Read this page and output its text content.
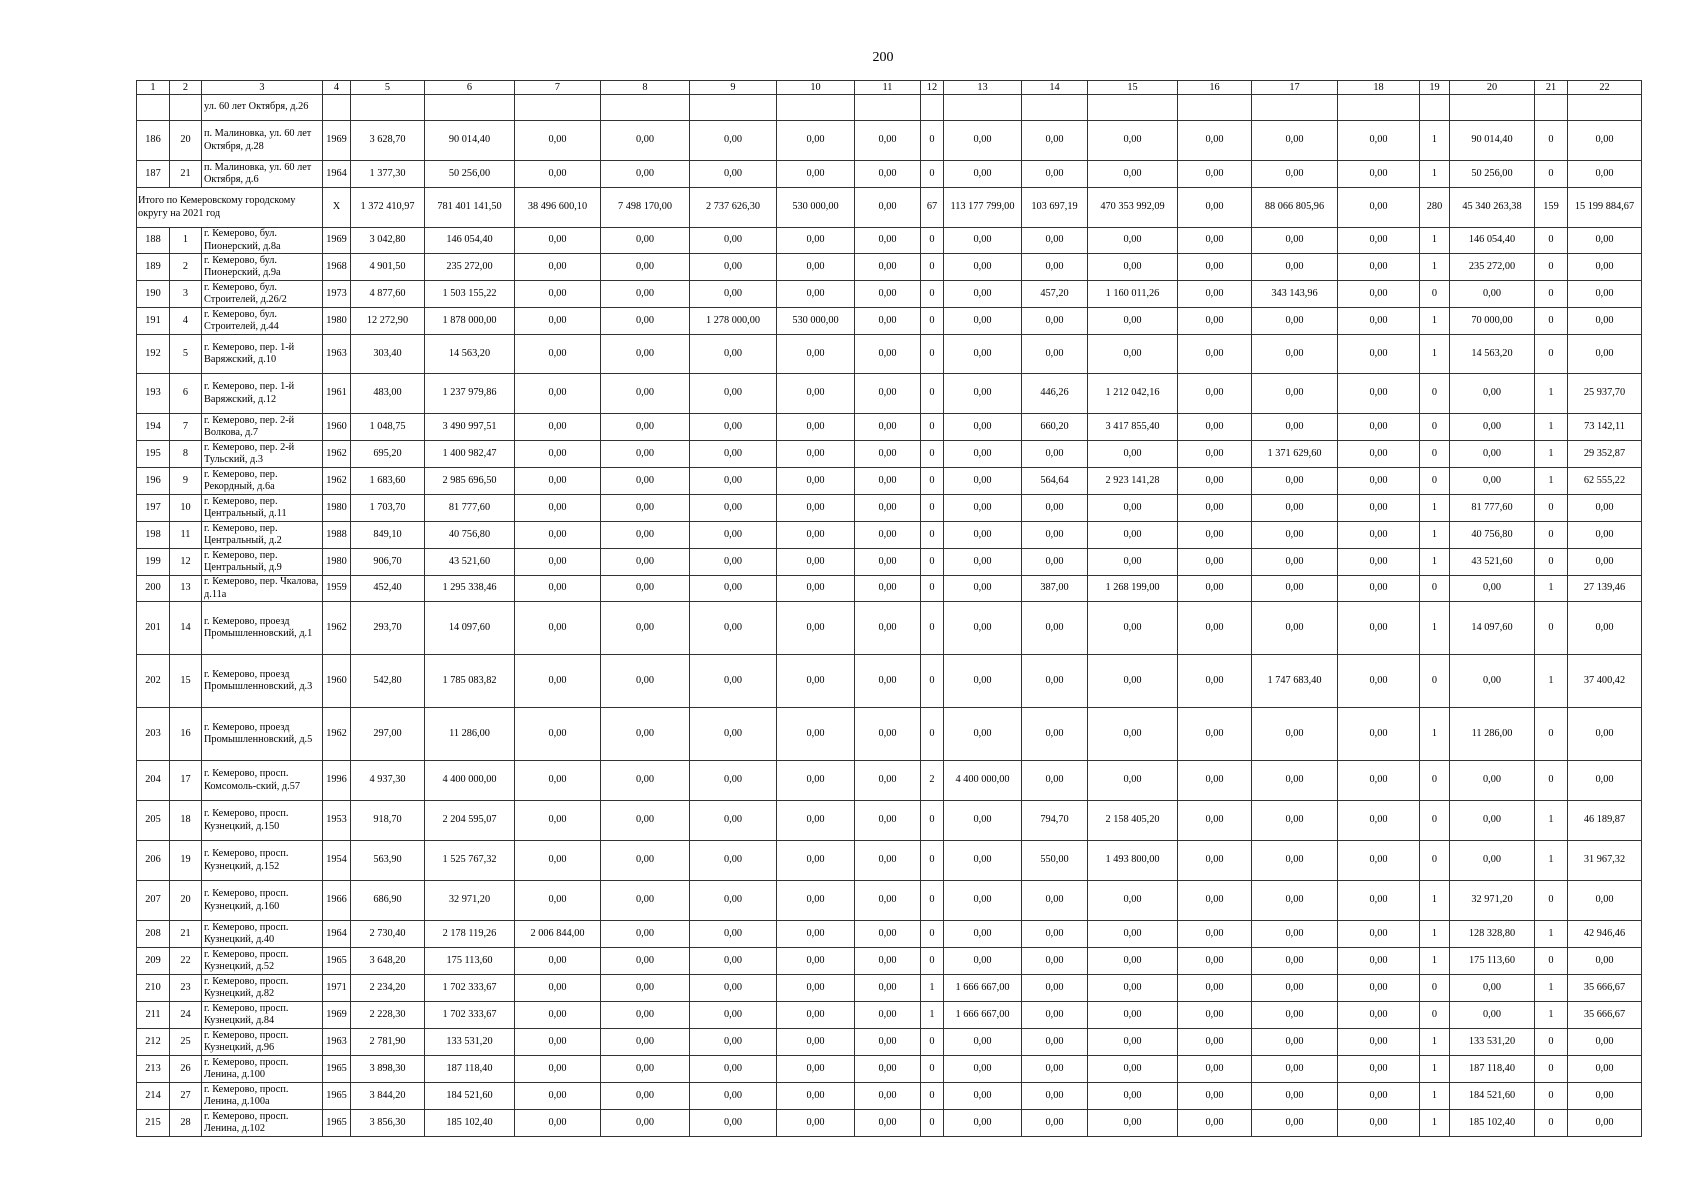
200
1	2	3	4	5	6	7	8	9	10	11	12	13	14	15	16	17	18	19	20	21	22
		ул. 60 лет Октября, д.26																			
186	20	п. Малиновка, ул. 60 лет Октября, д.28	1969	3 628,70	90 014,40	0,00	0,00	0,00	0,00	0,00	0	0,00	0,00	0,00	0,00	0,00	0,00	1	90 014,40	0	0,00
187	21	п. Малиновка, ул. 60 лет Октября, д.6	1964	1 377,30	50 256,00	0,00	0,00	0,00	0,00	0,00	0	0,00	0,00	0,00	0,00	0,00	0,00	1	50 256,00	0	0,00
Итого по Кемеровскому городскому округу на 2021 год			X	1 372 410,97	781 401 141,50	38 496 600,10	7 498 170,00	2 737 626,30	530 000,00	0,00	67	113 177 799,00	103 697,19	470 353 992,09	0,00	88 066 805,96	0,00	280	45 340 263,38	159	15 199 884,67
188	1	г. Кемерово, бул. Пионерский, д.8а	1969	3 042,80	146 054,40	0,00	0,00	0,00	0,00	0,00	0	0,00	0,00	0,00	0,00	0,00	0,00	1	146 054,40	0	0,00
189	2	г. Кемерово, бул. Пионерский, д.9а	1968	4 901,50	235 272,00	0,00	0,00	0,00	0,00	0,00	0	0,00	0,00	0,00	0,00	0,00	0,00	1	235 272,00	0	0,00
190	3	г. Кемерово, бул. Строителей, д.26/2	1973	4 877,60	1 503 155,22	0,00	0,00	0,00	0,00	0,00	0	0,00	457,20	1 160 011,26	0,00	343 143,96	0,00	0	0,00	0	0,00
191	4	г. Кемерово, бул. Строителей, д.44	1980	12 272,90	1 878 000,00	0,00	0,00	1 278 000,00	530 000,00	0,00	0	0,00	0,00	0,00	0,00	0,00	0,00	1	70 000,00	0	0,00
192	5	г. Кемерово, пер. 1-й Варяжский, д.10	1963	303,40	14 563,20	0,00	0,00	0,00	0,00	0,00	0	0,00	0,00	0,00	0,00	0,00	0,00	1	14 563,20	0	0,00
193	6	г. Кемерово, пер. 1-й Варяжский, д.12	1961	483,00	1 237 979,86	0,00	0,00	0,00	0,00	0,00	0	0,00	446,26	1 212 042,16	0,00	0,00	0,00	0	0,00	1	25 937,70
194	7	г. Кемерово, пер. 2-й Волкова, д.7	1960	1 048,75	3 490 997,51	0,00	0,00	0,00	0,00	0,00	0	0,00	660,20	3 417 855,40	0,00	0,00	0,00	0	0,00	1	73 142,11
195	8	г. Кемерово, пер. 2-й Тульский, д.3	1962	695,20	1 400 982,47	0,00	0,00	0,00	0,00	0,00	0	0,00	0,00	0,00	0,00	1 371 629,60	0,00	0	0,00	1	29 352,87
196	9	г. Кемерово, пер. Рекордный, д.6а	1962	1 683,60	2 985 696,50	0,00	0,00	0,00	0,00	0,00	0	0,00	564,64	2 923 141,28	0,00	0,00	0,00	0	0,00	1	62 555,22
197	10	г. Кемерово, пер. Центральный, д.11	1980	1 703,70	81 777,60	0,00	0,00	0,00	0,00	0,00	0	0,00	0,00	0,00	0,00	0,00	0,00	1	81 777,60	0	0,00
198	11	г. Кемерово, пер. Центральный, д.2	1988	849,10	40 756,80	0,00	0,00	0,00	0,00	0,00	0	0,00	0,00	0,00	0,00	0,00	0,00	1	40 756,80	0	0,00
199	12	г. Кемерово, пер. Центральный, д.9	1980	906,70	43 521,60	0,00	0,00	0,00	0,00	0,00	0	0,00	0,00	0,00	0,00	0,00	0,00	1	43 521,60	0	0,00
200	13	г. Кемерово, пер. Чкалова, д.11а	1959	452,40	1 295 338,46	0,00	0,00	0,00	0,00	0,00	0	0,00	387,00	1 268 199,00	0,00	0,00	0,00	0	0,00	1	27 139,46
201	14	г. Кемерово, проезд Промышленновский, д.1	1962	293,70	14 097,60	0,00	0,00	0,00	0,00	0,00	0	0,00	0,00	0,00	0,00	0,00	0,00	1	14 097,60	0	0,00
202	15	г. Кемерово, проезд Промышленновский, д.3	1960	542,80	1 785 083,82	0,00	0,00	0,00	0,00	0,00	0	0,00	0,00	0,00	0,00	1 747 683,40	0,00	0	0,00	1	37 400,42
203	16	г. Кемерово, проезд Промышленновский, д.5	1962	297,00	11 286,00	0,00	0,00	0,00	0,00	0,00	0	0,00	0,00	0,00	0,00	0,00	0,00	1	11 286,00	0	0,00
204	17	г. Кемерово, просп. Комсомоль-ский, д.57	1996	4 937,30	4 400 000,00	0,00	0,00	0,00	0,00	0,00	2	4 400 000,00	0,00	0,00	0,00	0,00	0,00	0	0,00	0	0,00
205	18	г. Кемерово, просп. Кузнецкий, д.150	1953	918,70	2 204 595,07	0,00	0,00	0,00	0,00	0,00	0	0,00	794,70	2 158 405,20	0,00	0,00	0,00	0	0,00	1	46 189,87
206	19	г. Кемерово, просп. Кузнецкий, д.152	1954	563,90	1 525 767,32	0,00	0,00	0,00	0,00	0,00	0	0,00	550,00	1 493 800,00	0,00	0,00	0,00	0	0,00	1	31 967,32
207	20	г. Кемерово, просп. Кузнецкий, д.160	1966	686,90	32 971,20	0,00	0,00	0,00	0,00	0,00	0	0,00	0,00	0,00	0,00	0,00	0,00	1	32 971,20	0	0,00
208	21	г. Кемерово, просп. Кузнецкий, д.40	1964	2 730,40	2 178 119,26	2 006 844,00	0,00	0,00	0,00	0,00	0	0,00	0,00	0,00	0,00	0,00	0,00	1	128 328,80	1	42 946,46
209	22	г. Кемерово, просп. Кузнецкий, д.52	1965	3 648,20	175 113,60	0,00	0,00	0,00	0,00	0,00	0	0,00	0,00	0,00	0,00	0,00	0,00	1	175 113,60	0	0,00
210	23	г. Кемерово, просп. Кузнецкий, д.82	1971	2 234,20	1 702 333,67	0,00	0,00	0,00	0,00	0,00	1	1 666 667,00	0,00	0,00	0,00	0,00	0,00	0	0,00	1	35 666,67
211	24	г. Кемерово, просп. Кузнецкий, д.84	1969	2 228,30	1 702 333,67	0,00	0,00	0,00	0,00	0,00	1	1 666 667,00	0,00	0,00	0,00	0,00	0,00	0	0,00	1	35 666,67
212	25	г. Кемерово, просп. Кузнецкий, д.96	1963	2 781,90	133 531,20	0,00	0,00	0,00	0,00	0,00	0	0,00	0,00	0,00	0,00	0,00	0,00	1	133 531,20	0	0,00
213	26	г. Кемерово, просп. Ленина, д.100	1965	3 898,30	187 118,40	0,00	0,00	0,00	0,00	0,00	0	0,00	0,00	0,00	0,00	0,00	0,00	1	187 118,40	0	0,00
214	27	г. Кемерово, просп. Ленина, д.100а	1965	3 844,20	184 521,60	0,00	0,00	0,00	0,00	0,00	0	0,00	0,00	0,00	0,00	0,00	0,00	1	184 521,60	0	0,00
215	28	г. Кемерово, просп. Ленина, д.102	1965	3 856,30	185 102,40	0,00	0,00	0,00	0,00	0,00	0	0,00	0,00	0,00	0,00	0,00	0,00	1	185 102,40	0	0,00
